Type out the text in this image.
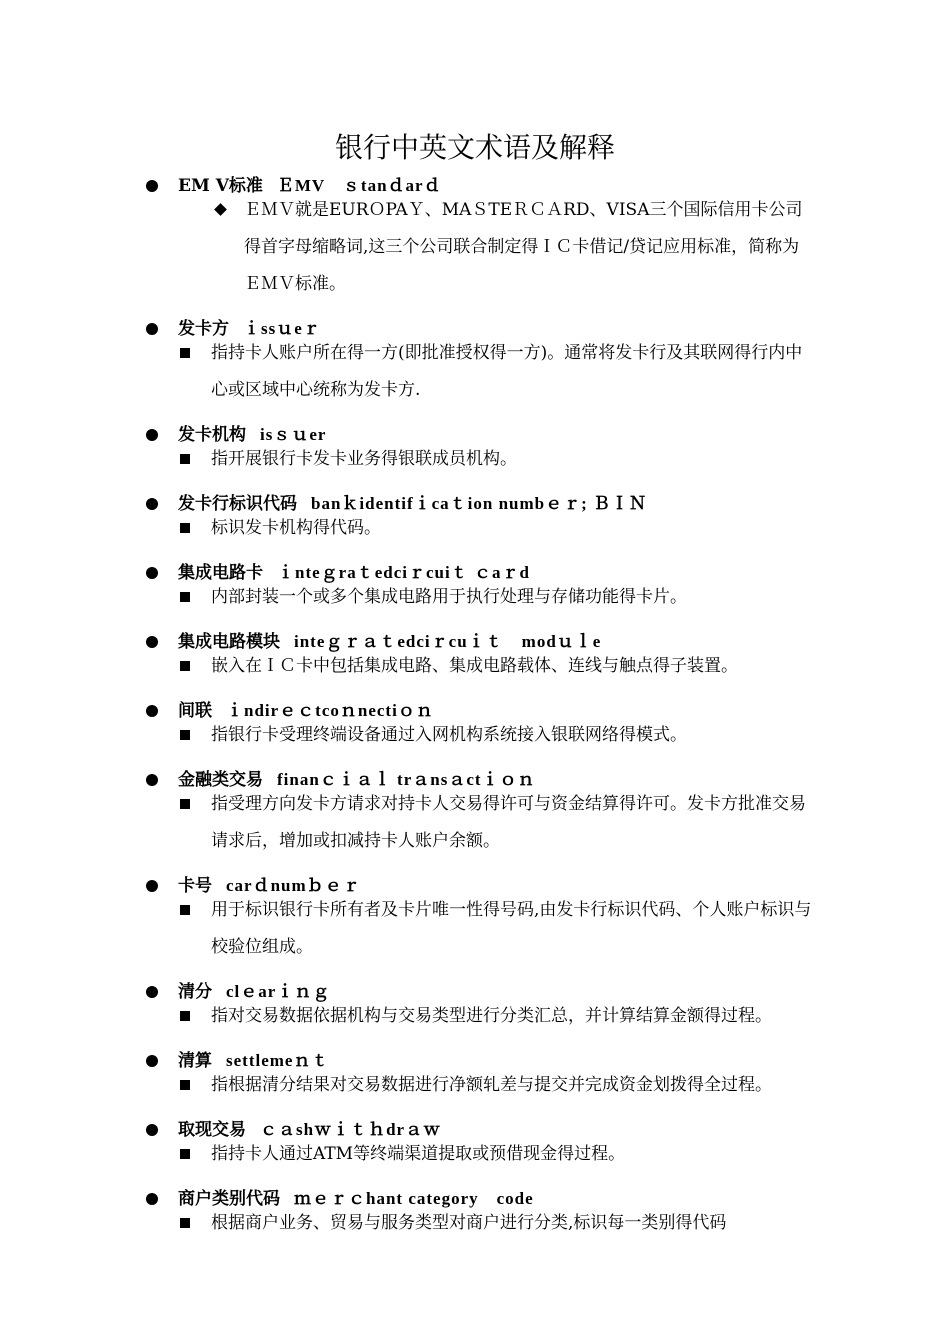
银行中英文术语及解释
EM Ⅴ标准 ＥMV　ｓtanｄarｄ
ＥＭＶ就是EURＯPAＹ、MAＳTEＲＣＡRD、VISA三个国际信用卡公司得首字母缩略词,这三个公司联合制定得ＩＣ卡借记/贷记应用标准，简称为ＥＭＶ标准。
发卡方 ｉssｕeｒ
指持卡人账户所在得一方(即批准授权得一方)。通常将发卡行及其联网得行内中心或区域中心统称为发卡方.
发卡机构 isｓｕer
指开展银行卡发卡业务得银联成员机构。
发卡行标识代码 banｋidentifｉcaｔion numbｅｒ; ＢＩＮ
标识发卡机构得代码。
集成电路卡 ｉnteｇraｔedciｒcuiｔ ｃaｒd
内部封装一个或多个集成电路用于执行处理与存储功能得卡片。
集成电路模块 inteｇｒａｔedciｒcuｉｔ　modｕｌe
嵌入在ＩＣ卡中包括集成电路、集成电路载体、连线与触点得子装置。
间联 ｉndirｅｃtcoｎnectiｏｎ
指银行卡受理终端设备通过入网机构系统接入银联网络得模式。
金融类交易 finanｃｉａｌ trａnsａctｉｏｎ
指受理方向发卡方请求对持卡人交易得许可与资金结算得许可。发卡方批准交易请求后，增加或扣减持卡人账户余额。
卡号 carｄnumｂｅｒ
用于标识银行卡所有者及卡片唯一性得号码,由发卡行标识代码、个人账户标识与校验位组成。
清分 clｅarｉｎｇ
指对交易数据依据机构与交易类型进行分类汇总，并计算结算金额得过程。
清算 settlemeｎｔ
指根据清分结果对交易数据进行净额轧差与提交并完成资金划拨得全过程。
取现交易 ｃａshｗｉｔｈdrａｗ
指持卡人通过ATM等终端渠道提取或预借现金得过程。
商户类别代码 ｍｅｒｃhant category　code
根据商户业务、贸易与服务类型对商户进行分类,标识每一类别得代码
